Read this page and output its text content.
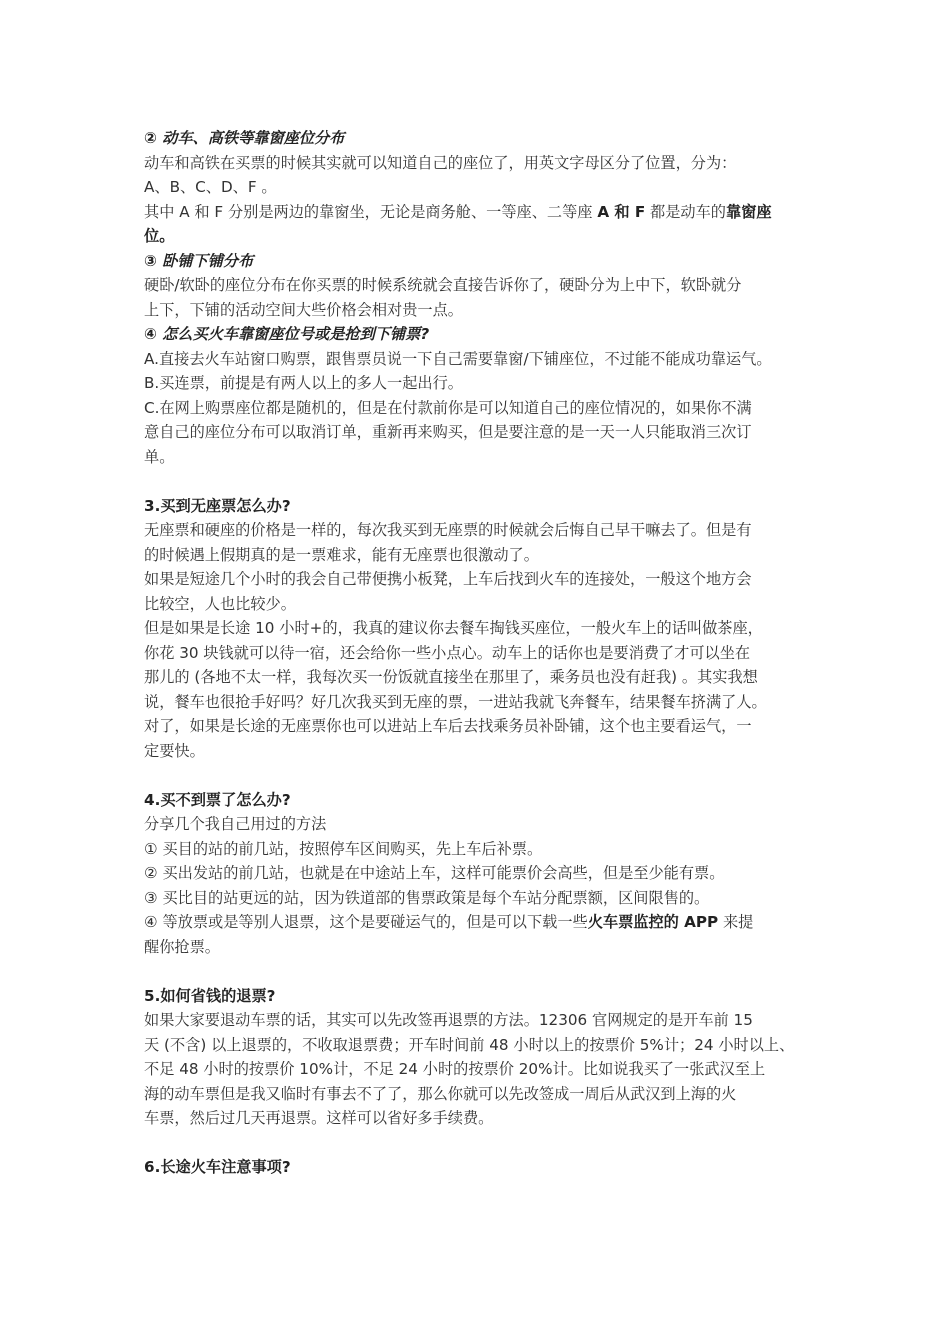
② 动车、高铁等靠窗座位分布
动车和高铁在买票的时候其实就可以知道自己的座位了，用英文字母区分了位置，分为：
A、B、C、D、F 。
其中 A 和 F 分别是两边的靠窗坐，无论是商务舱、一等座、二等座 A 和 F 都是动车的靠窗座
位。
③ 卧铺下铺分布
硬卧/软卧的座位分布在你买票的时候系统就会直接告诉你了，硬卧分为上中下，软卧就分
上下，下铺的活动空间大些价格会相对贵一点。
④ 怎么买火车靠窗座位号或是抢到下铺票?
A.直接去火车站窗口购票，跟售票员说一下自己需要靠窗/下铺座位，不过能不能成功靠运气。
B.买连票，前提是有两人以上的多人一起出行。
C.在网上购票座位都是随机的，但是在付款前你是可以知道自己的座位情况的，如果你不满
意自己的座位分布可以取消订单，重新再来购买，但是要注意的是一天一人只能取消三次订
单。
3.买到无座票怎么办?
无座票和硬座的价格是一样的，每次我买到无座票的时候就会后悔自己早干嘛去了。但是有
的时候遇上假期真的是一票难求，能有无座票也很激动了。
如果是短途几个小时的我会自己带便携小板凳，上车后找到火车的连接处，一般这个地方会
比较空，人也比较少。
但是如果是长途 10 小时+的，我真的建议你去餐车掏钱买座位，一般火车上的话叫做茶座，
你花 30 块钱就可以待一宿，还会给你一些小点心。动车上的话你也是要消费了才可以坐在
那儿的 (各地不太一样，我每次买一份饭就直接坐在那里了，乘务员也没有赶我) 。其实我想
说，餐车也很抢手好吗？好几次我买到无座的票，一进站我就飞奔餐车，结果餐车挤满了人。
对了，如果是长途的无座票你也可以进站上车后去找乘务员补卧铺，这个也主要看运气，一
定要快。
4.买不到票了怎么办?
分享几个我自己用过的方法
① 买目的站的前几站，按照停车区间购买，先上车后补票。
② 买出发站的前几站，也就是在中途站上车，这样可能票价会高些，但是至少能有票。
③ 买比目的站更远的站，因为铁道部的售票政策是每个车站分配票额，区间限售的。
④ 等放票或是等别人退票，这个是要碰运气的，但是可以下载一些火车票监控的 APP 来提
醒你抢票。
5.如何省钱的退票?
如果大家要退动车票的话，其实可以先改签再退票的方法。12306 官网规定的是开车前 15
天 (不含) 以上退票的，不收取退票费；开车时间前 48 小时以上的按票价 5%计；24 小时以上、
不足 48 小时的按票价 10%计，不足 24 小时的按票价 20%计。比如说我买了一张武汉至上
海的动车票但是我又临时有事去不了了，那么你就可以先改签成一周后从武汉到上海的火
车票，然后过几天再退票。这样可以省好多手续费。
6.长途火车注意事项?
